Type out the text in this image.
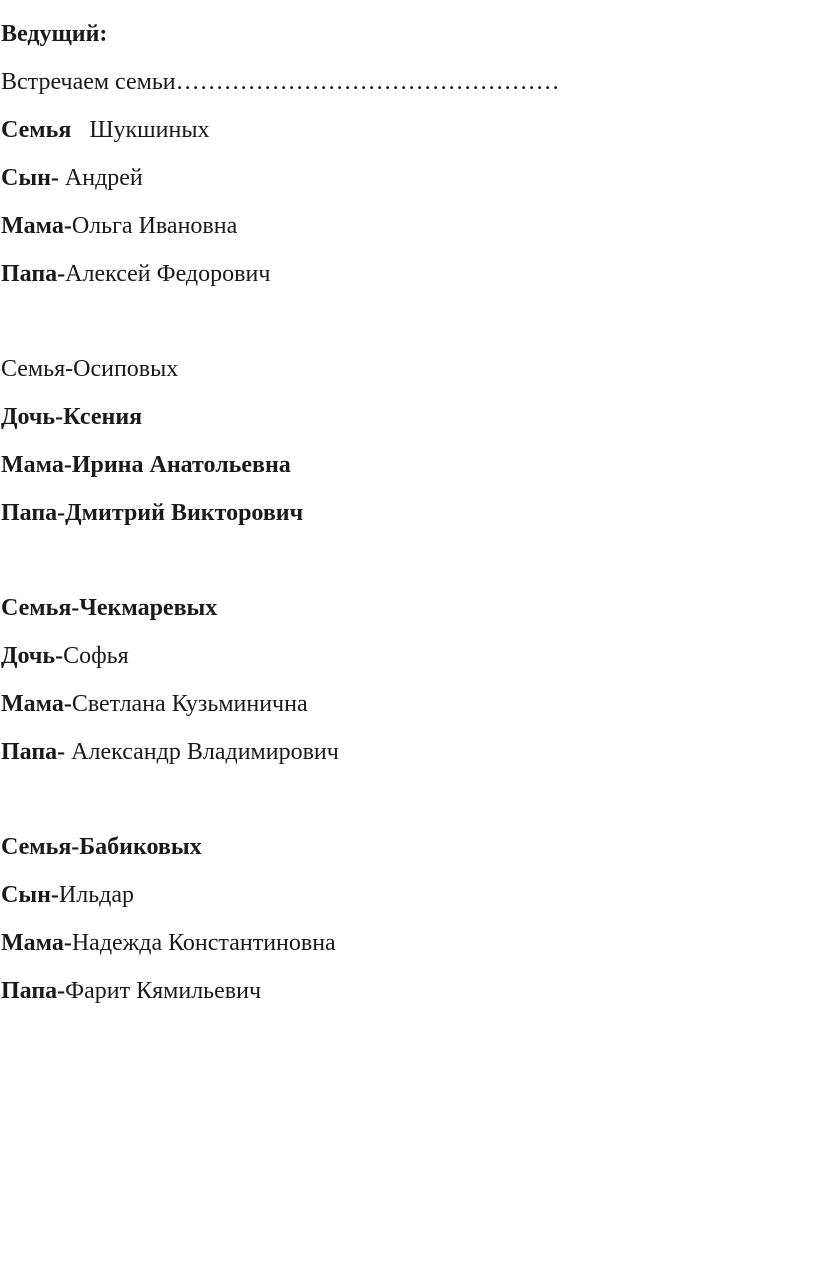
Ведущий:
Встречаем семьи…………………………………………
Семья   Шукшиных
Сын- Андрей
Мама-Ольга Ивановна
Папа-Алексей Федорович
Семья-Осиповых
Дочь-Ксения
Мама-Ирина Анатольевна
Папа-Дмитрий Викторович
Семья-Чекмаревых
Дочь-Софья
Мама-Светлана Кузьминична
Папа- Александр Владимирович
Семья-Бабиковых
Сын-Ильдар
Мама-Надежда Константиновна
Папа-Фарит Кямильевич
